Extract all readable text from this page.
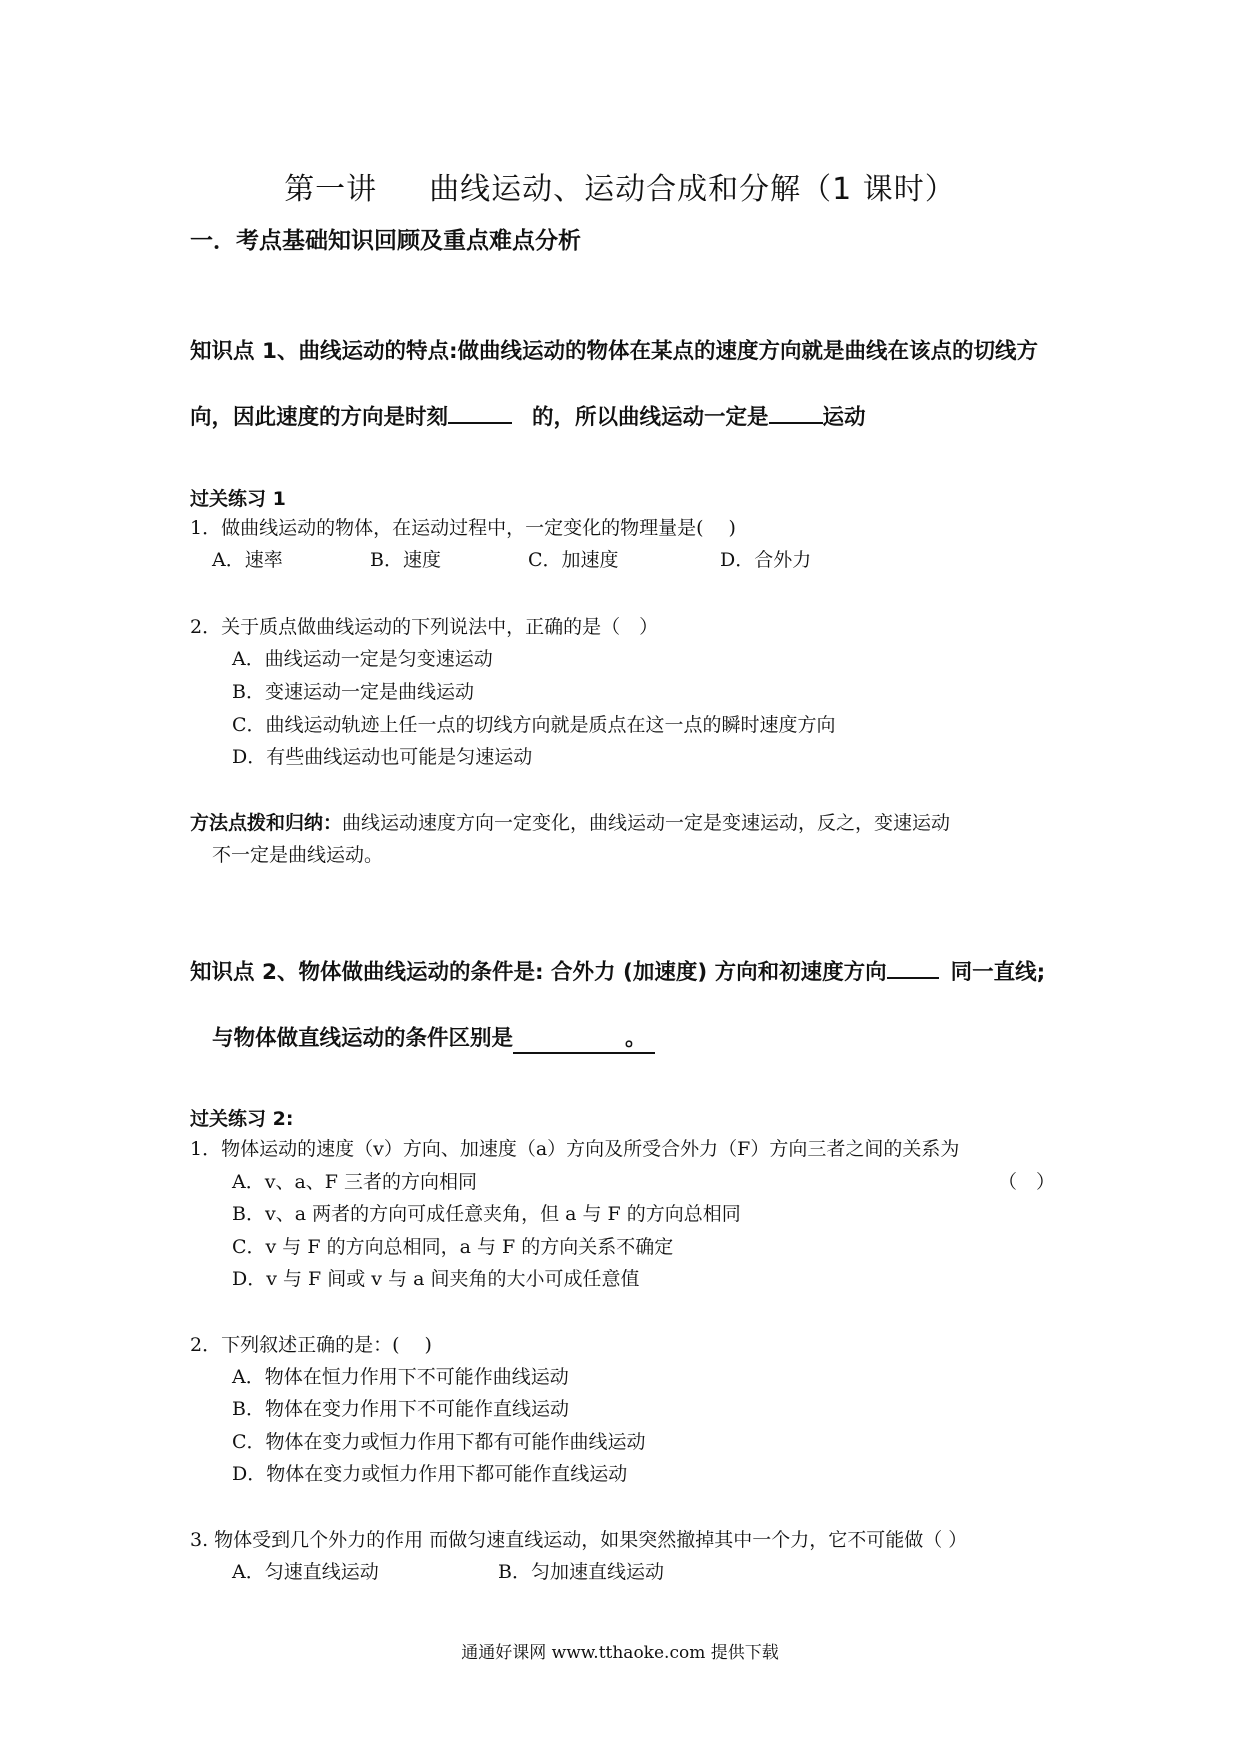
第一讲 曲线运动、运动合成和分解（1 课时）
一．考点基础知识回顾及重点难点分析
知识点 1、曲线运动的特点:做曲线运动的物体在某点的速度方向就是曲线在该点的切线方
向，因此速度的方向是时刻	的，所以曲线运动一定是	运动
过关练习 1
1．做曲线运动的物体，在运动过程中，一定变化的物理量是(　 )
A．速率	B．速度	C．加速度	D．合外力
2．关于质点做曲线运动的下列说法中，正确的是（　）
A．曲线运动一定是匀变速运动
B．变速运动一定是曲线运动
C．曲线运动轨迹上任一点的切线方向就是质点在这一点的瞬时速度方向
D．有些曲线运动也可能是匀速运动
方法点拨和归纳：曲线运动速度方向一定变化，曲线运动一定是变速运动，反之，变速运动
不一定是曲线运动。
知识点 2、物体做曲线运动的条件是: 合外力 (加速度) 方向和初速度方向	同一直线;
与物体做直线运动的条件区别是	。
过关练习 2:
1．物体运动的速度（v）方向、加速度（a）方向及所受合外力（F）方向三者之间的关系为
A．v、a、F 三者的方向相同	（　）
B．v、a 两者的方向可成任意夹角，但 a 与 F 的方向总相同
C．v 与 F 的方向总相同，a 与 F 的方向关系不确定
D．v 与 F 间或 v 与 a 间夹角的大小可成任意值
2．下列叙述正确的是：(　 )
A．物体在恒力作用下不可能作曲线运动
B．物体在变力作用下不可能作直线运动
C．物体在变力或恒力作用下都有可能作曲线运动
D．物体在变力或恒力作用下都可能作直线运动
3. 物体受到几个外力的作用 而做匀速直线运动，如果突然撤掉其中一个力，它不可能做（ ）
A．匀速直线运动	B．匀加速直线运动
通通好课网 www.tthaoke.com 提供下载
